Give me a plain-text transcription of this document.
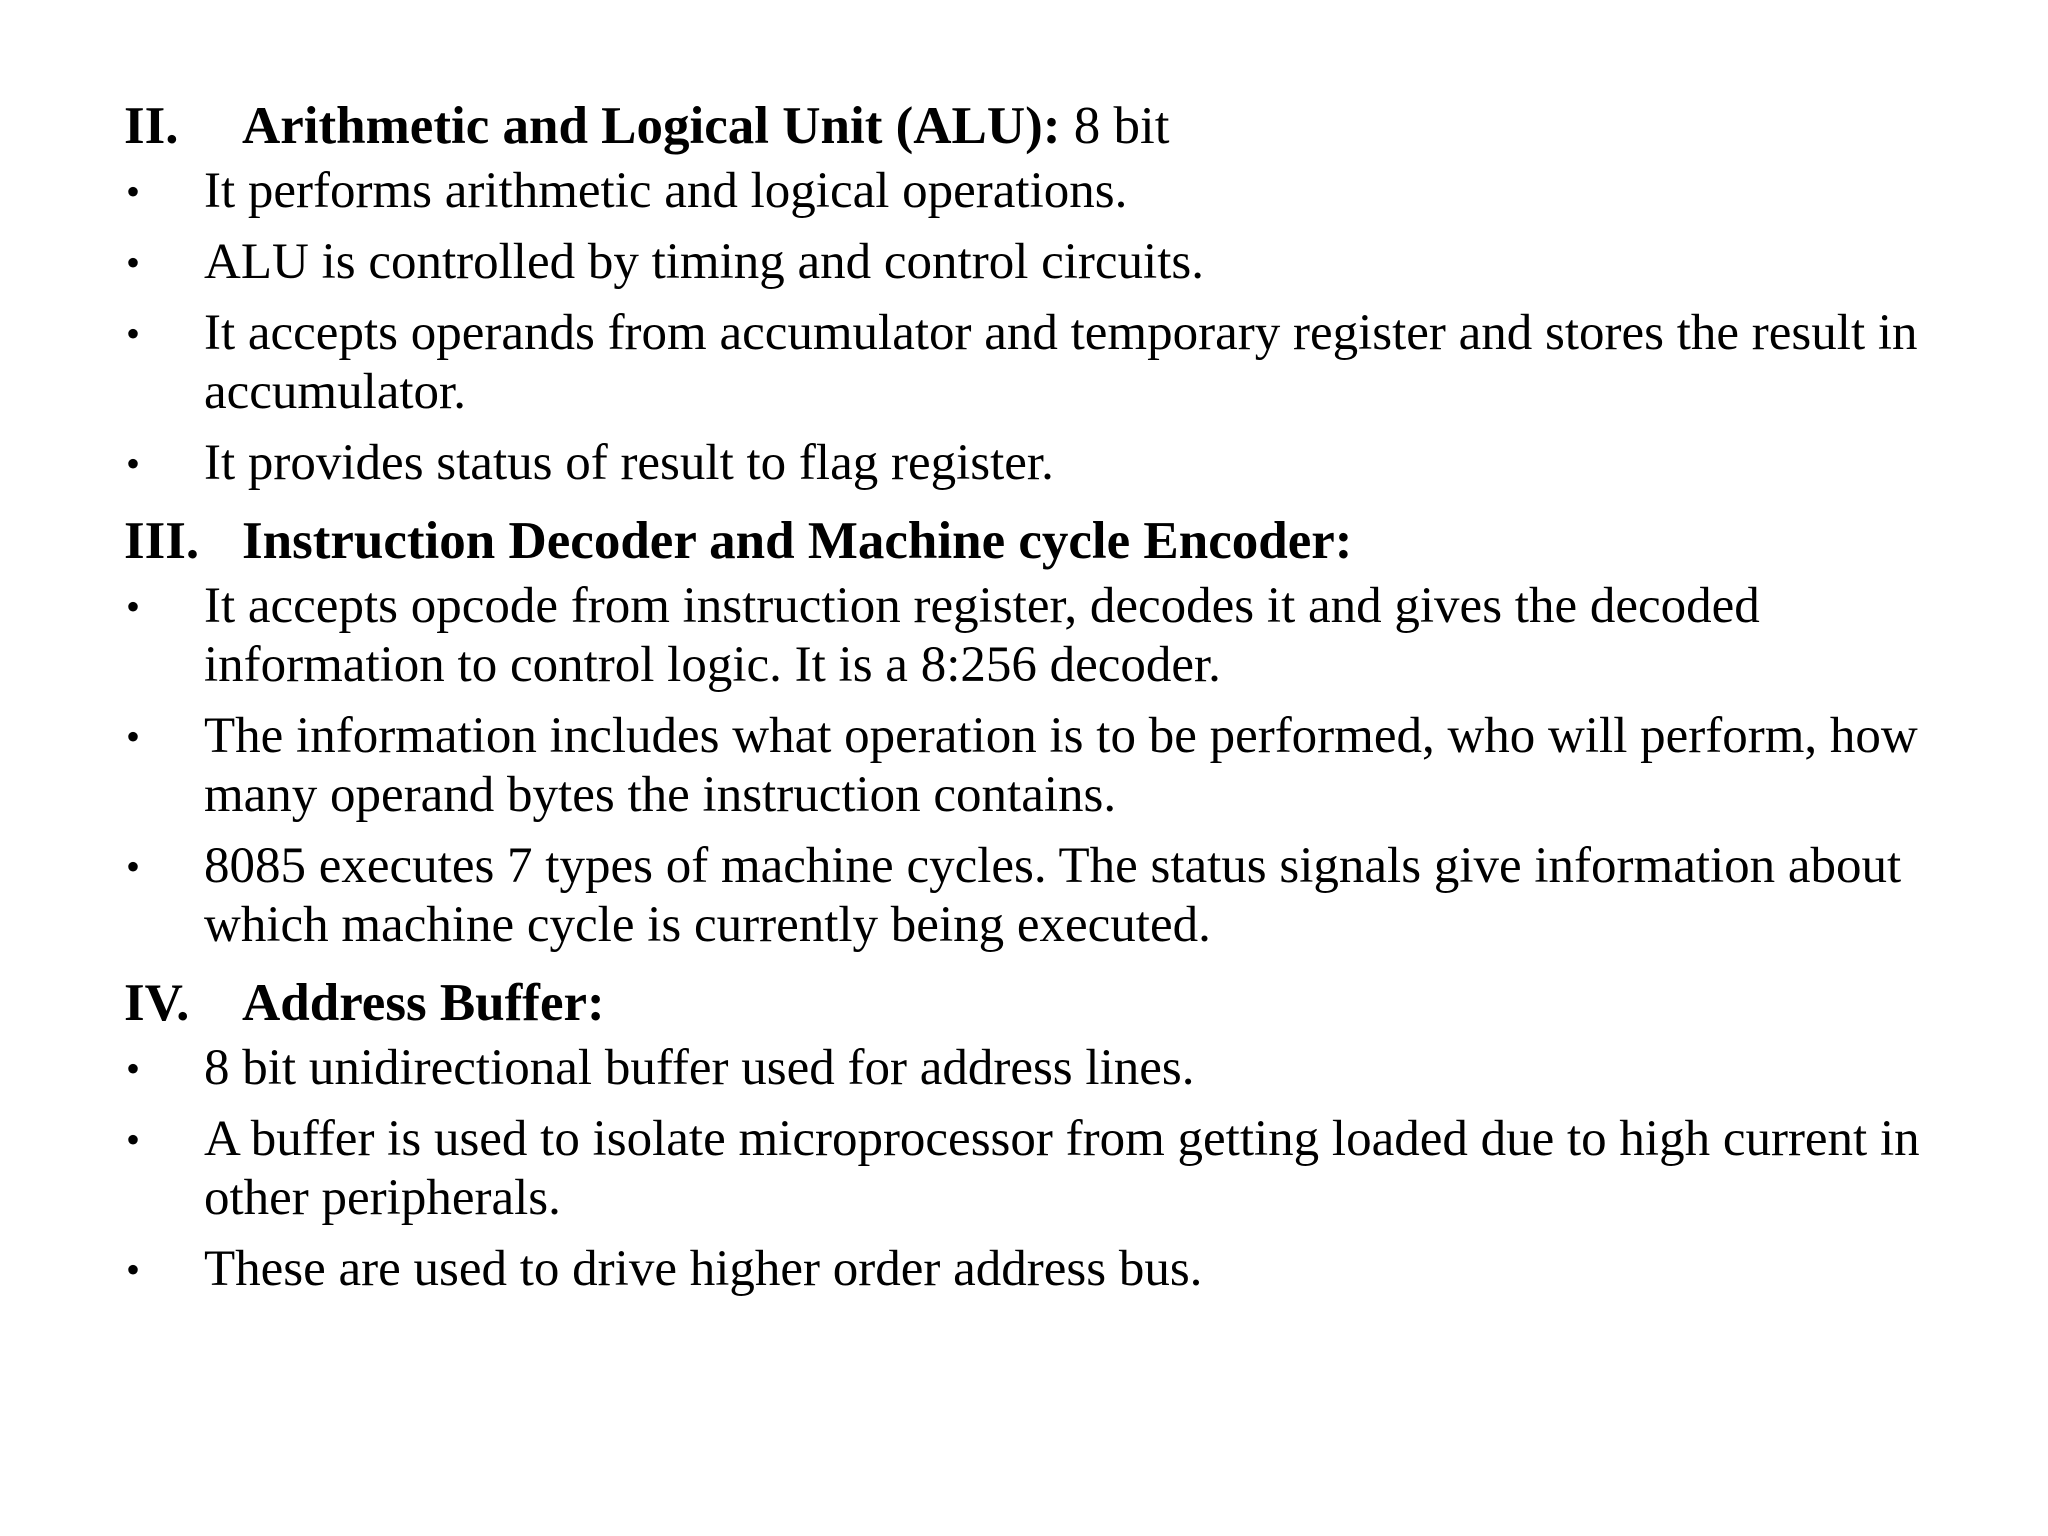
II.	Arithmetic and Logical Unit (ALU): 8 bit
•	It performs arithmetic and logical operations.
•	ALU is controlled by timing and control circuits.
•	It accepts operands from accumulator and temporary register and stores the result in accumulator.
•	It provides status of result to flag register.
III. Instruction Decoder and Machine cycle Encoder:
•	It accepts opcode from instruction register, decodes it and gives the decoded information to control logic. It is a 8:256 decoder.
•	The information includes what operation is to be performed, who will perform, how many operand bytes the instruction contains.
•	8085 executes 7 types of machine cycles. The status signals give information about which machine cycle is currently being executed.
IV. Address Buffer:
•	8 bit unidirectional buffer used for address lines.
•	A buffer is used to isolate microprocessor from getting loaded due to high current in other peripherals.
•	These are used to drive higher order address bus.
